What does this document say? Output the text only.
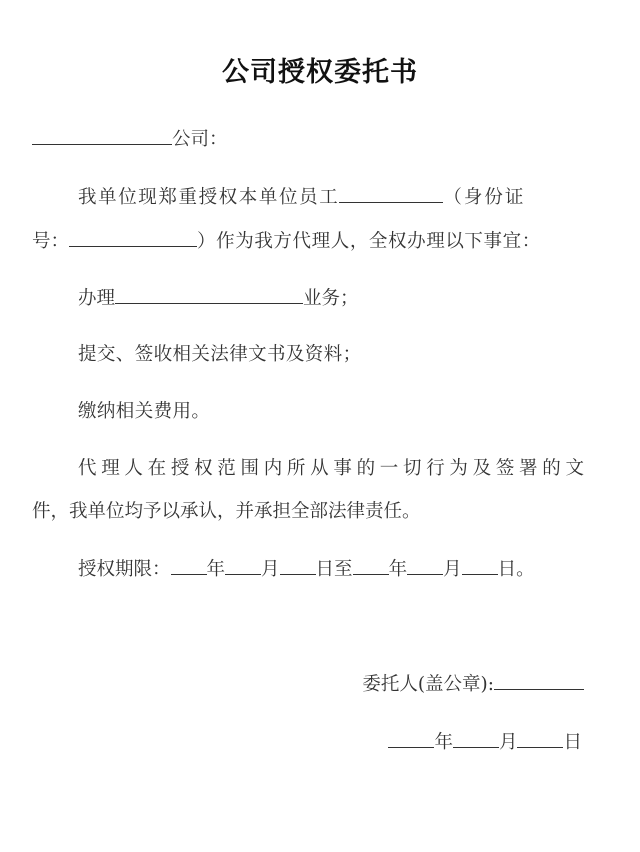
公司授权委托书
公司：
我单位现郑重授权本单位员工	（身份证
号：	）作为我方代理人，全权办理以下事宜：
办理	业务；
提交、签收相关法律文书及资料；
缴纳相关费用。
代理人在授权范围内所从事的一切行为及签署的文
件，我单位均予以承认，并承担全部法律责任。
授权期限： 年 月 日至 年 月 日。
委托人(盖公章):
年 月 日
